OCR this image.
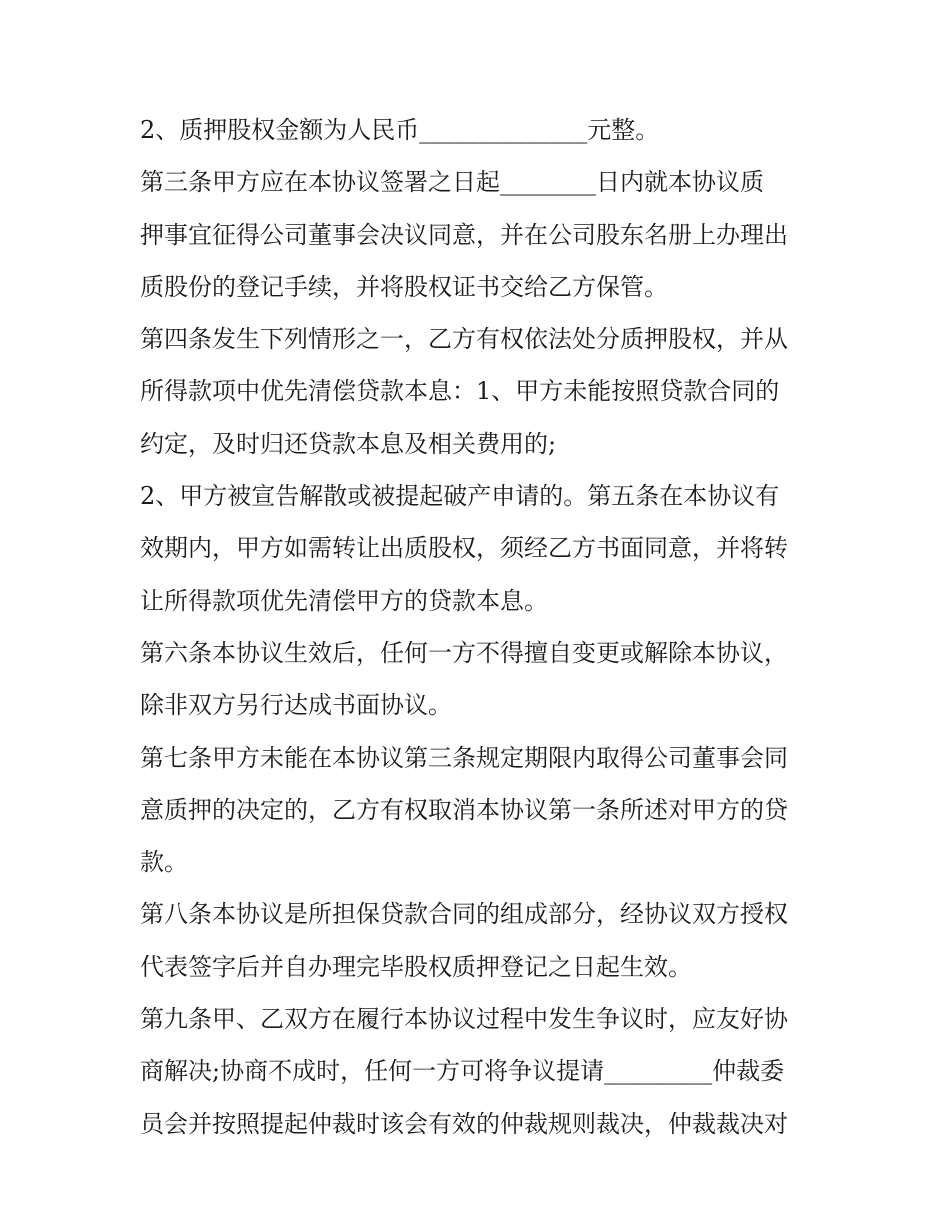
2、质押股权金额为人民币______________元整。
第三条甲方应在本协议签署之日起________日内就本协议质
押事宜征得公司董事会决议同意，并在公司股东名册上办理出
质股份的登记手续，并将股权证书交给乙方保管。
第四条发生下列情形之一，乙方有权依法处分质押股权，并从
所得款项中优先清偿贷款本息：1、甲方未能按照贷款合同的
约定，及时归还贷款本息及相关费用的;
2、甲方被宣告解散或被提起破产申请的。第五条在本协议有
效期内，甲方如需转让出质股权，须经乙方书面同意，并将转
让所得款项优先清偿甲方的贷款本息。
第六条本协议生效后，任何一方不得擅自变更或解除本协议，
除非双方另行达成书面协议。
第七条甲方未能在本协议第三条规定期限内取得公司董事会同
意质押的决定的，乙方有权取消本协议第一条所述对甲方的贷
款。
第八条本协议是所担保贷款合同的组成部分，经协议双方授权
代表签字后并自办理完毕股权质押登记之日起生效。
第九条甲、乙双方在履行本协议过程中发生争议时，应友好协
商解决;协商不成时，任何一方可将争议提请_________仲裁委
员会并按照提起仲裁时该会有效的仲裁规则裁决，仲裁裁决对
